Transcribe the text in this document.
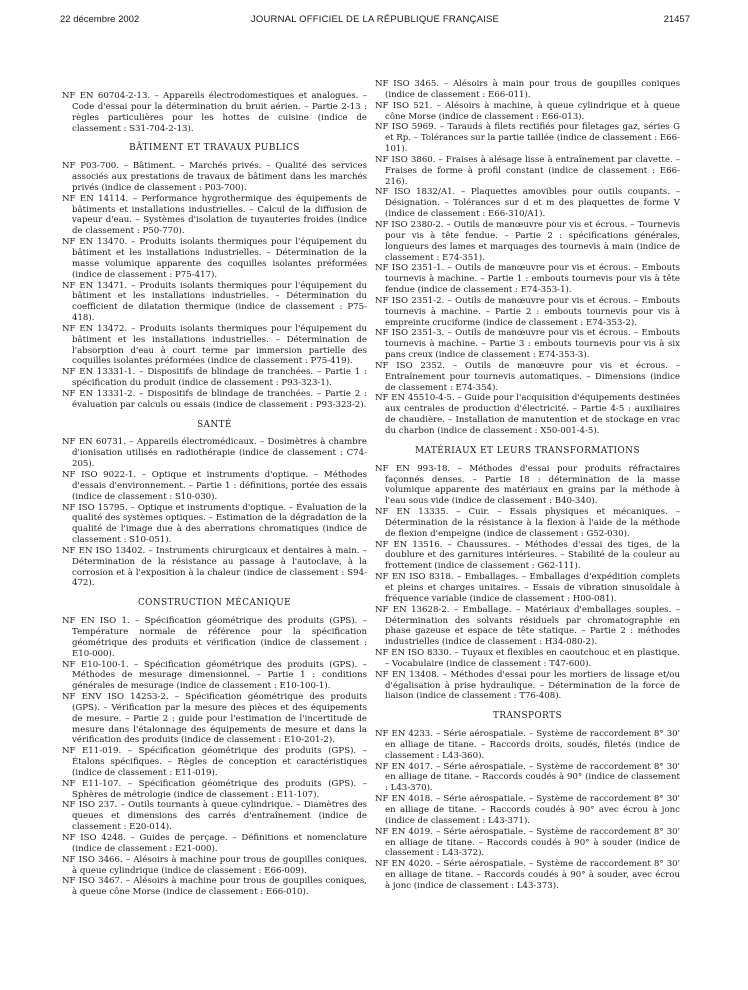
22 décembre 2002	JOURNAL OFFICIEL DE LA RÉPUBLIQUE FRANÇAISE	21457

NF EN 60704-2-13. – Appareils électrodomestiques et analogues. – Code d'essai pour la détermination du bruit aérien. – Partie 2-13 : règles particulières pour les hottes de cuisine (indice de classement : S31-704-2-13).

BÂTIMENT ET TRAVAUX PUBLICS

NF P03-700. – Bâtiment. – Marchés privés. – Qualité des services associés aux prestations de travaux de bâtiment dans les marchés privés (indice de classement : P03-700).

NF EN 14114. – Performance hygrothermique des équipements de bâtiments et installations industrielles. – Calcul de la diffusion de vapeur d'eau. – Systèmes d'isolation de tuyauteries froides (indice de classement : P50-770).

NF EN 13470. – Produits isolants thermiques pour l'équipement du bâtiment et les installations industrielles. – Détermination de la masse volumique apparente des coquilles isolantes préformées (indice de classement : P75-417).

NF EN 13471. – Produits isolants thermiques pour l'équipement du bâtiment et les installations industrielles. – Détermination du coefficient de dilatation thermique (indice de classement : P75-418).

NF EN 13472. – Produits isolants thermiques pour l'équipement du bâtiment et les installations industrielles. – Détermination de l'absorption d'eau à court terme par immersion partielle des coquilles isolantes préformées (indice de classement : P75-419).

NF EN 13331-1. – Dispositifs de blindage de tranchées. – Partie 1 : spécification du produit (indice de classement : P93-323-1).

NF EN 13331-2. – Dispositifs de blindage de tranchées. – Partie 2 : évaluation par calculs ou essais (indice de classement : P93-323-2).

SANTÉ

NF EN 60731. – Appareils électromédicaux. – Dosimètres à chambre d'ionisation utilisés en radiothérapie (indice de classement : C74-205).

NF ISO 9022-1. – Optique et instruments d'optique. – Méthodes d'essais d'environnement. – Partie 1 : définitions, portée des essais (indice de classement : S10-030).

NF ISO 15795. – Optique et instruments d'optique. – Évaluation de la qualité des systèmes optiques. – Estimation de la dégradation de la qualité de l'image due à des aberrations chromatiques (indice de classement : S10-051).

NF EN ISO 13402. – Instruments chirurgicaux et dentaires à main. – Détermination de la résistance au passage à l'autoclave, à la corrosion et à l'exposition à la chaleur (indice de classement : S94-472).

CONSTRUCTION MÉCANIQUE

NF EN ISO 1. – Spécification géométrique des produits (GPS). – Température normale de référence pour la spécification géométrique des produits et vérification (indice de classement : E10-000).

NF E10-100-1. – Spécification géométrique des produits (GPS). – Méthodes de mesurage dimensionnel. – Partie 1 : conditions générales de mesurage (indice de classement : E10-100-1).

NF ENV ISO 14253-2. – Spécification géométrique des produits (GPS). – Vérification par la mesure des pièces et des équipements de mesure. – Partie 2 : guide pour l'estimation de l'incertitude de mesure dans l'étalonnage des équipements de mesure et dans la vérification des produits (indice de classement : E10-201-2).

NF E11-019. – Spécification géométrique des produits (GPS). – Étalons spécifiques. – Règles de conception et caractéristiques (indice de classement : E11-019).

NF E11-107. – Spécification géométrique des produits (GPS). – Sphères de métrologie (indice de classement : E11-107).

NF ISO 237. – Outils tournants à queue cylindrique. – Diamètres des queues et dimensions des carrés d'entraînement (indice de classement : E20-014).

NF ISO 4248. – Guides de perçage. – Définitions et nomenclature (indice de classement : E21-000).

NF ISO 3466. – Alésoirs à machine pour trous de goupilles coniques, à queue cylindrique (indice de classement : E66-009).

NF ISO 3467. – Alésoirs à machine pour trous de goupilles coniques, à queue cône Morse (indice de classement : E66-010).

NF ISO 3465. – Alésoirs à main pour trous de goupilles coniques (indice de classement : E66-011).

NF ISO 521. – Alésoirs à machine, à queue cylindrique et à queue cône Morse (indice de classement : E66-013).

NF ISO 5969. – Tarauds à filets rectifiés pour filetages gaz, séries G et Rp. – Tolérances sur la partie taillée (indice de classement : E66-101).

NF ISO 3860. – Fraises à alésage lisse à entraînement par clavette. – Fraises de forme à profil constant (indice de classement : E66-216).

NF ISO 1832/A1. – Plaquettes amovibles pour outils coupants. – Désignation. – Tolérances sur d et m des plaquettes de forme V (indice de classement : E66-310/A1).

NF ISO 2380-2. – Outils de manœuvre pour vis et écrous. – Tournevis pour vis à tête fendue. – Partie 2 : spécifications générales, longueurs des lames et marquages des tournevis à main (indice de classement : E74-351).

NF ISO 2351-1. – Outils de manœuvre pour vis et écrous. – Embouts tournevis à machine. – Partie 1 : embouts tournevis pour vis à tête fendue (indice de classement : E74-353-1).

NF ISO 2351-2. – Outils de manœuvre pour vis et écrous. – Embouts tournevis à machine. – Partie 2 : embouts tournevis pour vis à empreinte cruciforme (indice de classement : E74-353-2).

NF ISO 2351-3. – Outils de manœuvre pour vis et écrous. – Embouts tournevis à machine. – Partie 3 : embouts tournevis pour vis à six pans creux (indice de classement : E74-353-3).

NF ISO 2352. – Outils de manœuvre pour vis et écrous. – Entraînement pour tournevis automatiques. – Dimensions (indice de classement : E74-354).

NF EN 45510-4-5. – Guide pour l'acquisition d'équipements destinées aux centrales de production d'électricité. – Partie 4-5 : auxiliaires de chaudière. – Installation de manutention et de stockage en vrac du charbon (indice de classement : X50-001-4-5).

MATÉRIAUX ET LEURS TRANSFORMATIONS

NF EN 993-18. – Méthodes d'essai pour produits réfractaires façonnés denses. – Partie 18 : détermination de la masse volumique apparente des matériaux en grains par la méthode à l'eau sous vide (indice de classement : B40-340).

NF EN 13335. – Cuir. – Essais physiques et mécaniques. – Détermination de la résistance à la flexion à l'aide de la méthode de flexion d'empeigne (indice de classement : G52-030).

NF EN 13516. – Chaussures. – Méthodes d'essai des tiges, de la doublure et des garnitures intérieures. – Stabilité de la couleur au frottement (indice de classement : G62-111).

NF EN ISO 8318. – Emballages. – Emballages d'expédition complets et pleins et charges unitaires. – Essais de vibration sinusoïdale à fréquence variable (indice de classement : H00-081).

NF EN 13628-2. – Emballage. – Matériaux d'emballages souples. – Détermination des solvants résiduels par chromatographie en phase gazeuse et espace de tête statique. – Partie 2 : méthodes industrielles (indice de classement : H34-080-2).

NF EN ISO 8330. – Tuyaux et flexibles en caoutchouc et en plastique. – Vocabulaire (indice de classement : T47-600).

NF EN 13408. – Méthodes d'essai pour les mortiers de lissage et/ou d'égalisation à prise hydraulique. – Détermination de la force de liaison (indice de classement : T76-408).

TRANSPORTS

NF EN 4233. – Série aérospatiale. – Système de raccordement 8° 30' en alliage de titane. – Raccords droits, soudés, filetés (indice de classement : L43-360).

NF EN 4017. – Série aérospatiale. – Système de raccordement 8° 30' en alliage de titane. – Raccords coudés à 90° (indice de classement : L43-370).

NF EN 4018. – Série aérospatiale. – Système de raccordement 8° 30' en alliage de titane. – Raccords coudés à 90° avec écrou à jonc (indice de classement : L43-371).

NF EN 4019. – Série aérospatiale. – Système de raccordement 8° 30' en alliage de titane. – Raccords coudés à 90° à souder (indice de classement : L43-372).

NF EN 4020. – Série aérospatiale. – Système de raccordement 8° 30' en alliage de titane. – Raccords coudés à 90° à souder, avec écrou à jonc (indice de classement : L43-373).
